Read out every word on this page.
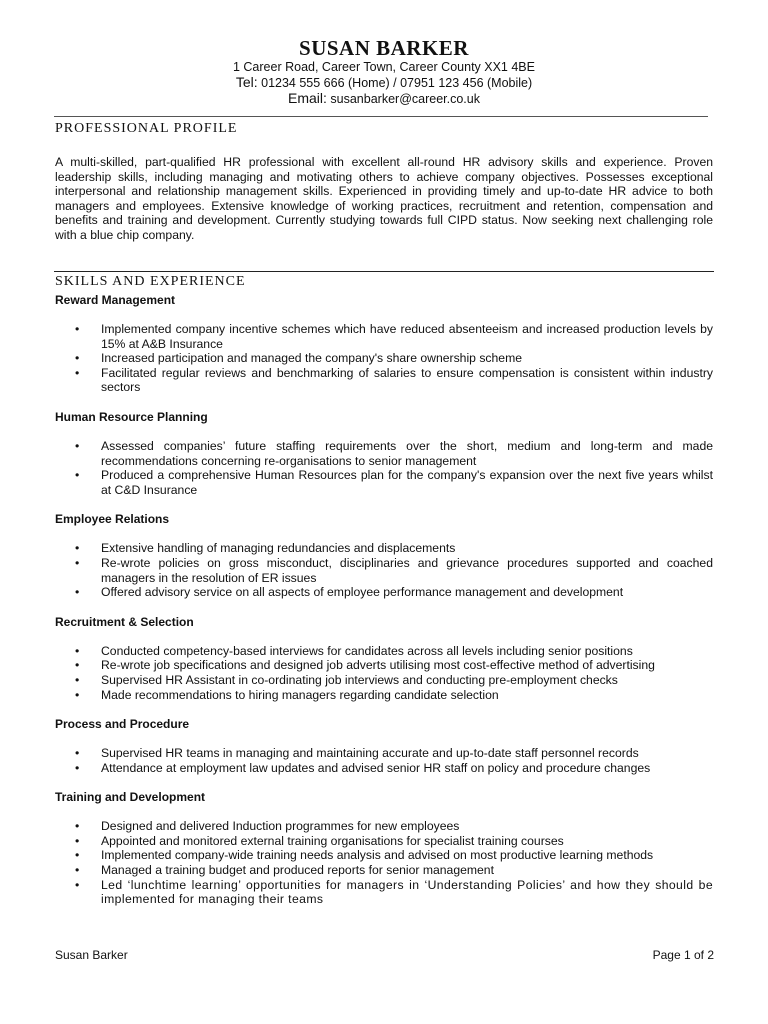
SUSAN BARKER
1 Career Road, Career Town, Career County XX1 4BE
Tel: 01234 555 666 (Home) / 07951 123 456 (Mobile)
Email: susanbarker@career.co.uk
PROFESSIONAL PROFILE
A multi-skilled, part-qualified HR professional with excellent all-round HR advisory skills and experience. Proven leadership skills, including managing and motivating others to achieve company objectives. Possesses exceptional interpersonal and relationship management skills. Experienced in providing timely and up-to-date HR advice to both managers and employees. Extensive knowledge of working practices, recruitment and retention, compensation and benefits and training and development. Currently studying towards full CIPD status. Now seeking next challenging role with a blue chip company.
SKILLS AND EXPERIENCE
Reward Management
• Implemented company incentive schemes which have reduced absenteeism and increased production levels by 15% at A&B Insurance
• Increased participation and managed the company's share ownership scheme
• Facilitated regular reviews and benchmarking of salaries to ensure compensation is consistent within industry sectors
Human Resource Planning
• Assessed companies’ future staffing requirements over the short, medium and long-term and made recommendations concerning re-organisations to senior management
• Produced a comprehensive Human Resources plan for the company's expansion over the next five years whilst at C&D Insurance
Employee Relations
• Extensive handling of managing redundancies and displacements
• Re-wrote policies on gross misconduct, disciplinaries and grievance procedures supported and coached managers in the resolution of ER issues
• Offered advisory service on all aspects of employee performance management and development
Recruitment & Selection
• Conducted competency-based interviews for candidates across all levels including senior positions
• Re-wrote job specifications and designed job adverts utilising most cost-effective method of advertising
• Supervised HR Assistant in co-ordinating job interviews and conducting pre-employment checks
• Made recommendations to hiring managers regarding candidate selection
Process and Procedure
• Supervised HR teams in managing and maintaining accurate and up-to-date staff personnel records
• Attendance at employment law updates and advised senior HR staff on policy and procedure changes
Training and Development
• Designed and delivered Induction programmes for new employees
• Appointed and monitored external training organisations for specialist training courses
• Implemented company-wide training needs analysis and advised on most productive learning methods
• Managed a training budget and produced reports for senior management
• Led ‘lunchtime learning’ opportunities for managers in ‘Understanding Policies’ and how they should be implemented for managing their teams
Susan Barker	Page 1 of 2
